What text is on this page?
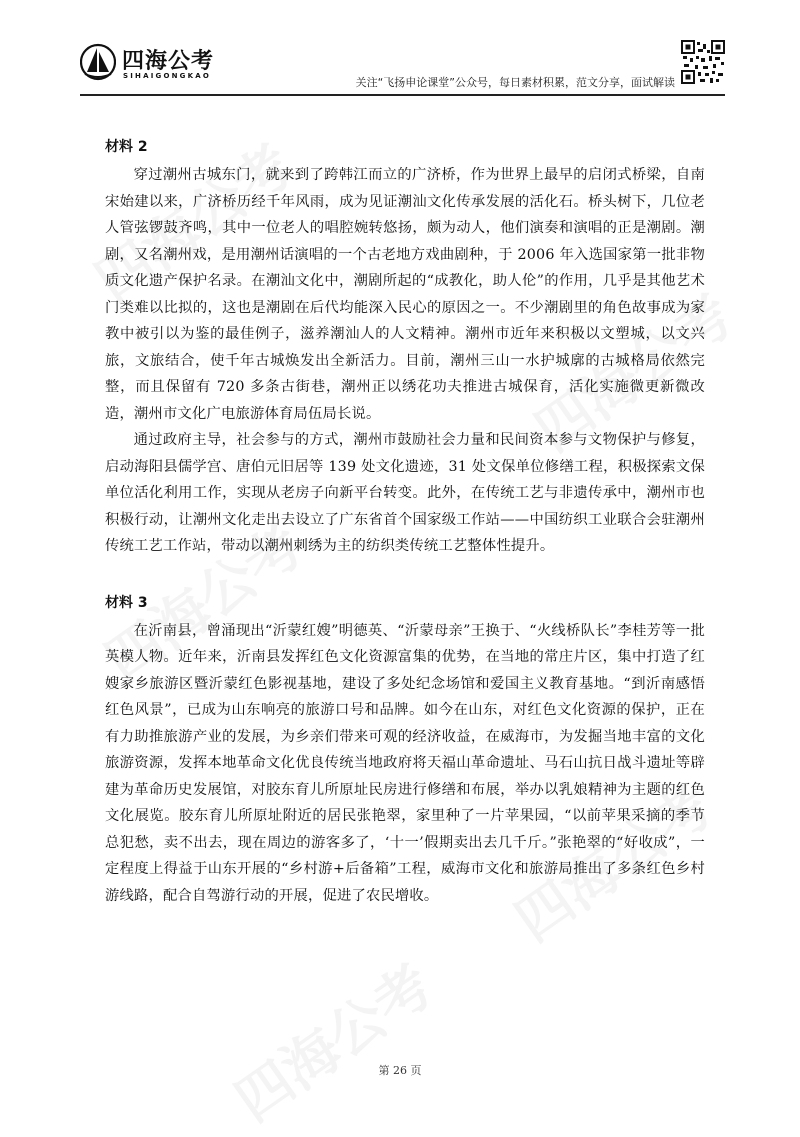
四海公考
SIHAIGONGKAO	关注“飞扬申论课堂”公众号，每日素材积累，范文分享，面试解读
材料 2

穿过潮州古城东门，就来到了跨韩江而立的广济桥，作为世界上最早的启闭式桥梁，自南宋始建以来，广济桥历经千年风雨，成为见证潮汕文化传承发展的活化石。桥头树下，几位老人管弦锣鼓齐鸣，其中一位老人的唱腔婉转悠扬，颇为动人，他们演奏和演唱的正是潮剧。潮剧，又名潮州戏，是用潮州话演唱的一个古老地方戏曲剧种，于 2006 年入选国家第一批非物质文化遗产保护名录。在潮汕文化中，潮剧所起的“成教化，助人伦”的作用，几乎是其他艺术门类难以比拟的，这也是潮剧在后代均能深入民心的原因之一。不少潮剧里的角色故事成为家教中被引以为鉴的最佳例子，滋养潮汕人的人文精神。潮州市近年来积极以文塑城，以文兴旅，文旅结合，使千年古城焕发出全新活力。目前，潮州三山一水护城廓的古城格局依然完整，而且保留有 720 多条古街巷，潮州正以绣花功夫推进古城保育，活化实施微更新微改造，潮州市文化广电旅游体育局伍局长说。

通过政府主导，社会参与的方式，潮州市鼓励社会力量和民间资本参与文物保护与修复，启动海阳县儒学宫、唐伯元旧居等 139 处文化遗迹，31 处文保单位修缮工程，积极探索文保单位活化利用工作，实现从老房子向新平台转变。此外，在传统工艺与非遗传承中，潮州市也积极行动，让潮州文化走出去设立了广东省首个国家级工作站——中国纺织工业联合会驻潮州传统工艺工作站，带动以潮州刺绣为主的纺织类传统工艺整体性提升。

材料 3

在沂南县，曾涌现出“沂蒙红嫂”明德英、“沂蒙母亲”王换于、“火线桥队长”李桂芳等一批英模人物。近年来，沂南县发挥红色文化资源富集的优势，在当地的常庄片区，集中打造了红嫂家乡旅游区暨沂蒙红色影视基地，建设了多处纪念场馆和爱国主义教育基地。“到沂南感悟红色风景”，已成为山东响亮的旅游口号和品牌。如今在山东，对红色文化资源的保护，正在有力助推旅游产业的发展，为乡亲们带来可观的经济收益，在威海市，为发掘当地丰富的文化旅游资源，发挥本地革命文化优良传统当地政府将天福山革命遗址、马石山抗日战斗遗址等辟建为革命历史发展馆，对胶东育儿所原址民房进行修缮和布展，举办以乳娘精神为主题的红色文化展览。胶东育儿所原址附近的居民张艳翠，家里种了一片苹果园，“以前苹果采摘的季节总犯愁，卖不出去，现在周边的游客多了，‘十一’假期卖出去几千斤。”张艳翠的“好收成”，一定程度上得益于山东开展的“乡村游+后备箱”工程，威海市文化和旅游局推出了多条红色乡村游线路，配合自驾游行动的开展，促进了农民增收。

第 26 页
